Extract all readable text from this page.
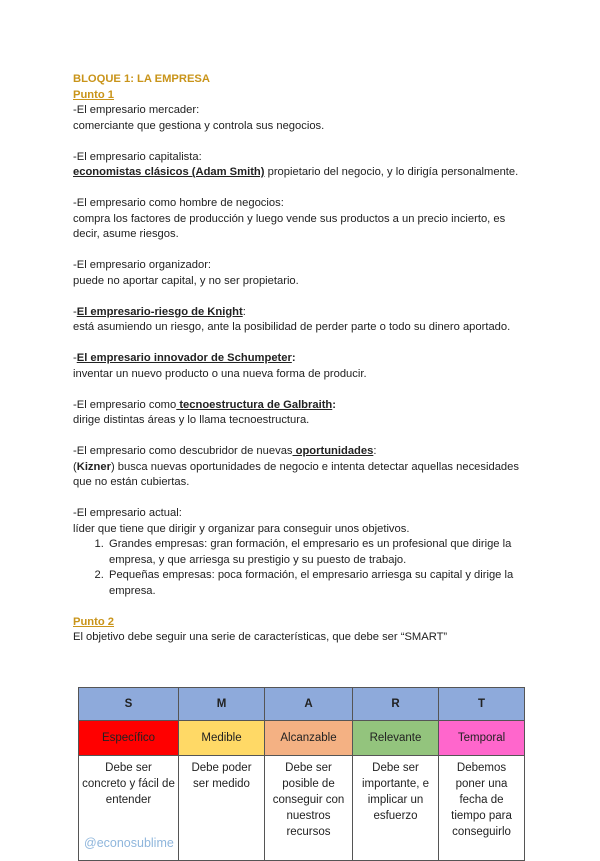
BLOQUE 1: LA EMPRESA
Punto 1

-El empresario mercader:

comerciante que gestiona y controla sus negocios.

-El empresario capitalista:

economistas clásicos (Adam Smith) propietario del negocio, y lo dirigía personalmente.

-El empresario como hombre de negocios:

compra los factores de producción y luego vende sus productos a un precio incierto, es decir, asume riesgos.

-El empresario organizador:

puede no aportar capital, y no ser propietario.

-El empresario-riesgo de Knight:

está asumiendo un riesgo, ante la posibilidad de perder parte o todo su dinero aportado.

-El empresario innovador de Schumpeter:

inventar un nuevo producto o una nueva forma de producir.

-El empresario como tecnoestructura de Galbraith:

dirige distintas áreas y lo llama tecnoestructura.

-El empresario como descubridor de nuevas oportunidades:

(Kizner) busca nuevas oportunidades de negocio e intenta detectar aquellas necesidades que no están cubiertas.

-El empresario actual:

líder que tiene que dirigir y organizar para conseguir unos objetivos.

1. Grandes empresas: gran formación, el empresario es un profesional que dirige la empresa, y que arriesga su prestigio y su puesto de trabajo.
2. Pequeñas empresas: poca formación, el empresario arriesga su capital y dirige la empresa.
Punto 2

El objetivo debe seguir una serie de características, que debe ser “SMART”

S	M	A	R	T
Específico	Medible	Alcanzable	Relevante	Temporal
Debe ser concreto y fácil de entender	Debe poder ser medido	Debe ser posible de conseguir con nuestros recursos	Debe ser importante, e implicar un esfuerzo	Debemos poner una fecha de tiempo para conseguirlo
@econosublime
